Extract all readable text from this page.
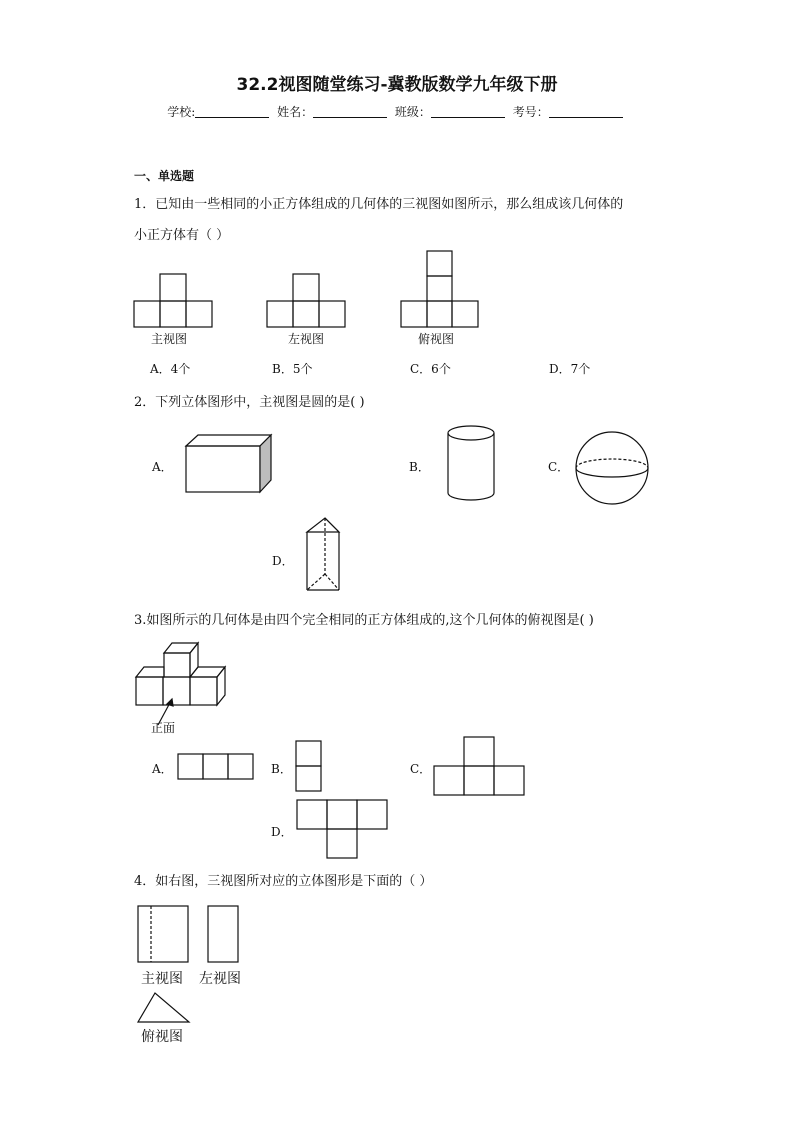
32.2视图随堂练习-冀教版数学九年级下册
学校:	姓名：	班级：	考号：
一、单选题
1．已知由一些相同的小正方体组成的几何体的三视图如图所示，那么组成该几何体的
小正方体有（ ）
主视图	左视图	俯视图
A．4个	B．5个	C．6个	D．7个
2．下列立体图形中，主视图是圆的是( )
A．	B．	C．
D．
3.如图所示的几何体是由四个完全相同的正方体组成的,这个几何体的俯视图是( )
正面
A．	B．	C．
D．
4．如右图，三视图所对应的立体图形是下面的（ ）
主视图 左视图
俯视图
